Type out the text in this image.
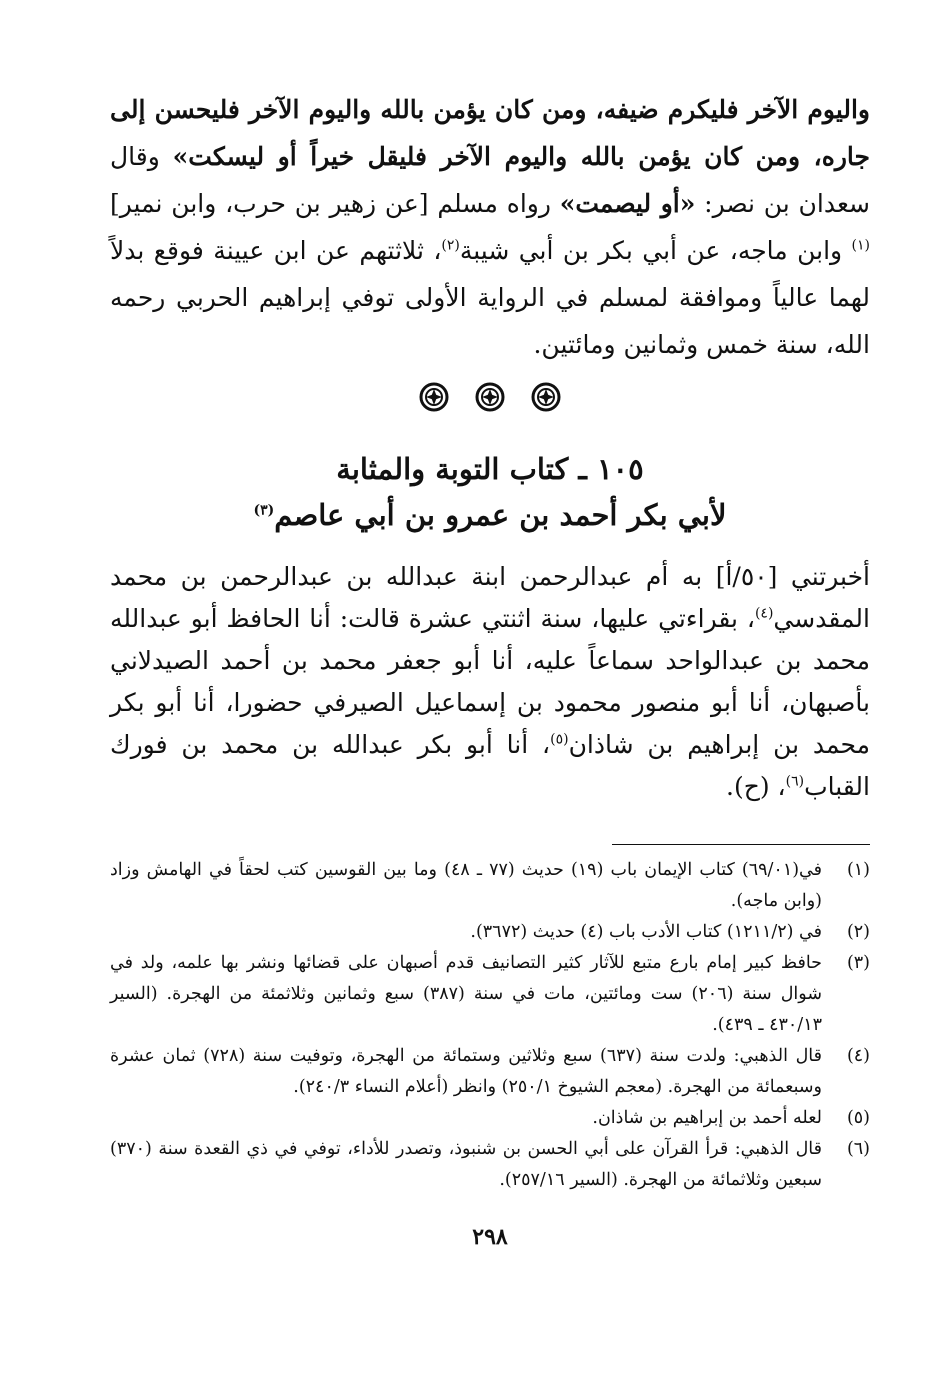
واليوم الآخر فليكرم ضيفه، ومن كان يؤمن بالله واليوم الآخر فليحسن إلى جاره، ومن كان يؤمن بالله واليوم الآخر فليقل خيراً أو ليسكت» وقال سعدان بن نصر: «أو ليصمت» رواه مسلم [عن زهير بن حرب، وابن نمير]$^{(١)}$ وابن ماجه، عن أبي بكر بن أبي شيبة$^{(٢)}$، ثلاثتهم عن ابن عيينة فوقع بدلاً لهما عالياً وموافقة لمسلم في الرواية الأولى توفي إبراهيم الحربي رحمه الله، سنة خمس وثمانين ومائتين.

١٠٥ ـ كتاب التوبة والمثابة

لأبي بكر أحمد بن عمرو بن أبي عاصم$^{(٣)}$

أخبرتني [٥٠/أ] به أم عبدالرحمن ابنة عبدالله بن عبدالرحمن بن محمد المقدسي$^{(٤)}$، بقراءتي عليها، سنة اثنتي عشرة قالت: أنا الحافظ أبو عبدالله محمد بن عبدالواحد سماعاً عليه، أنا أبو جعفر محمد بن أحمد الصيدلاني بأصبهان، أنا أبو منصور محمود بن إسماعيل الصيرفي حضورا، أنا أبو بكر محمد بن إبراهيم بن شاذان$^{(٥)}$، أنا أبو بكر عبدالله بن محمد بن فورك القباب$^{(٦)}$، (ح).

(١)
في(٦٩/٠١) كتاب الإيمان باب (١٩) حديث (٧٧ ـ ٤٨) وما بين القوسين كتب لحقاً في الهامش وزاد (وابن ماجه).
(٢)
في (١٢١١/٢) كتاب الأدب باب (٤) حديث (٣٦٧٢).
(٣)
حافظ كبير إمام بارع متبع للآثار كثير التصانيف قدم أصبهان على قضائها ونشر بها علمه، ولد في شوال سنة (٢٠٦) ست ومائتين، مات في سنة (٣٨٧) سبع وثمانين وثلاثمئة من الهجرة. (السير ٤٣٠/١٣ ـ ٤٣٩).
(٤)
قال الذهبي: ولدت سنة (٦٣٧) سبع وثلاثين وستمائة من الهجرة، وتوفيت سنة (٧٢٨) ثمان عشرة وسبعمائة من الهجرة. (معجم الشيوخ ٢٥٠/١) وانظر (أعلام النساء ٢٤٠/٣).
(٥)
لعله أحمد بن إبراهيم بن شاذان.
(٦)
قال الذهبي: قرأ القرآن على أبي الحسن بن شنبوذ، وتصدر للأداء، توفي في ذي القعدة سنة (٣٧٠) سبعين وثلاثمائة من الهجرة. (السير ٢٥٧/١٦).
٢٩٨
